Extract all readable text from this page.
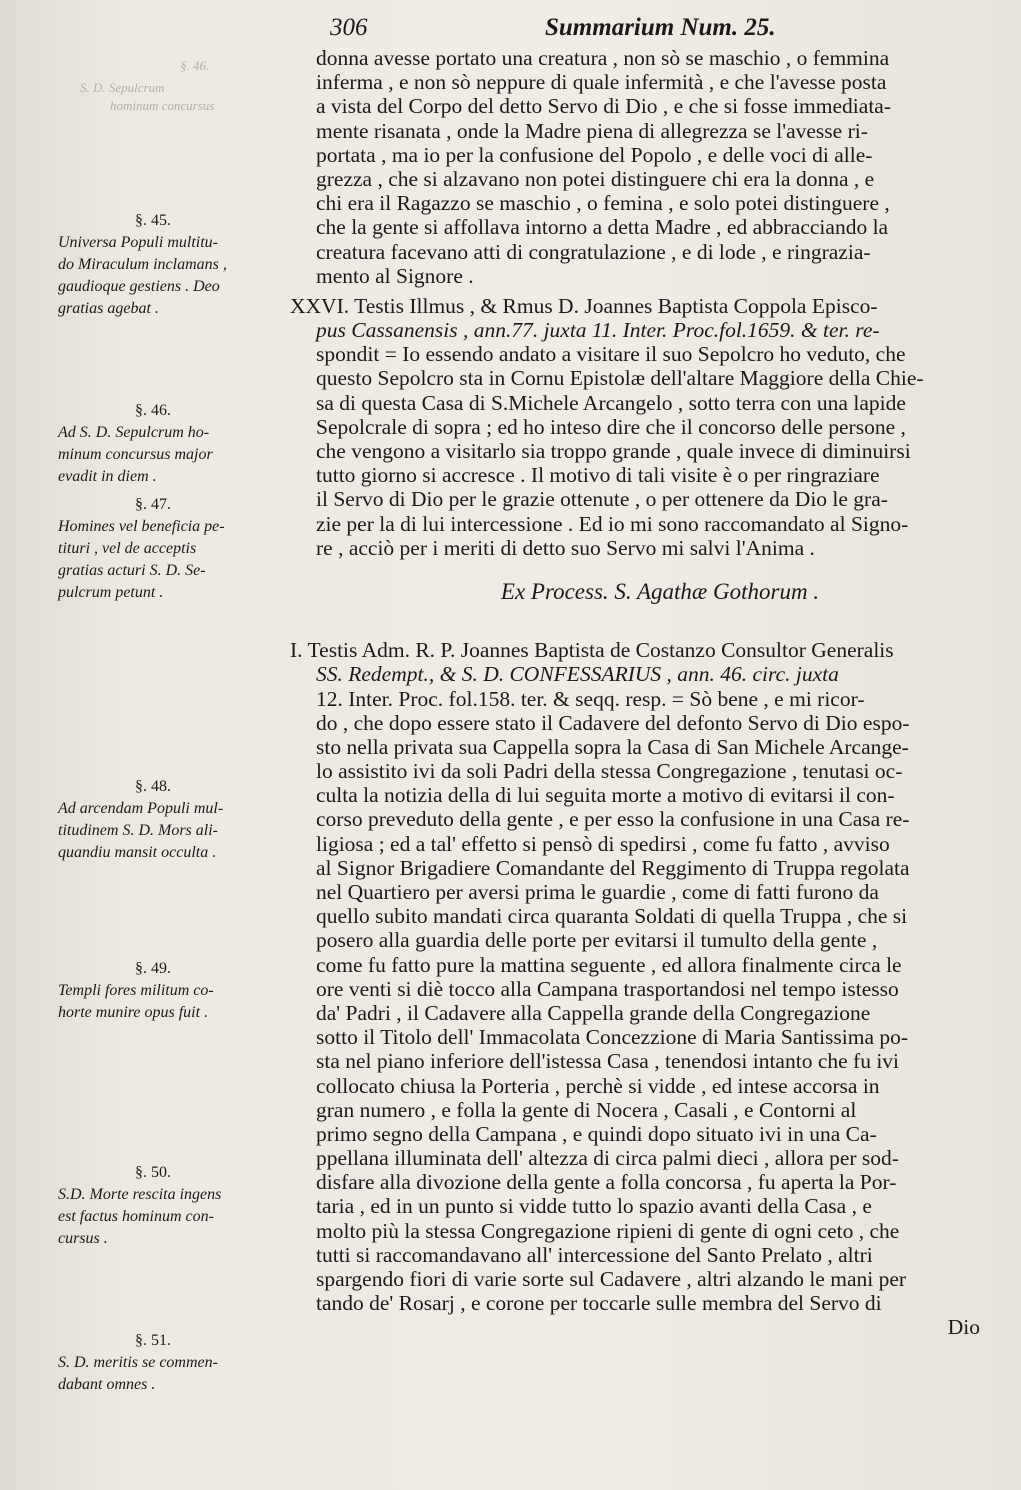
306	Summarium Num. 25.
§. 46.
S. D. Sepulcrum
hominum concursus
§. 45.
Universa Populi multitu-
do Miraculum inclamans ,
gaudioque gestiens . Deo
gratias agebat .
§. 46.
Ad S. D. Sepulcrum ho-
minum concursus major
evadit in diem .
§. 47.
Homines vel beneficia pe-
tituri , vel de acceptis
gratias acturi S. D. Se-
pulcrum petunt .
§. 48.
Ad arcendam Populi mul-
titudinem S. D. Mors ali-
quandiu mansit occulta .
§. 49.
Templi fores militum co-
horte munire opus fuit .
§. 50.
S.D. Morte rescita ingens
est factus hominum con-
cursus .
§. 51.
S. D. meritis se commen-
dabant omnes .
donna avesse portato una creatura , non sò se maschio , o femmina
inferma , e non sò neppure di quale infermità , e che l'avesse posta
a vista del Corpo del detto Servo di Dio , e che si fosse immediata-
mente risanata , onde la Madre piena di allegrezza se l'avesse ri-
portata , ma io per la confusione del Popolo , e delle voci di alle-
grezza , che si alzavano non potei distinguere chi era la donna , e
chi era il Ragazzo se maschio , o femina , e solo potei distinguere ,
che la gente si affollava intorno a detta Madre , ed abbracciando la
creatura facevano atti di congratulazione , e di lode , e ringrazia-
mento al Signore .
XXVI. Testis Illmus , & Rmus D. Joannes Baptista Coppola Episco-
pus Cassanensis , ann.77. juxta 11. Inter. Proc.fol.1659. & ter. re-
spondit = Io essendo andato a visitare il suo Sepolcro ho veduto, che
questo Sepolcro sta in Cornu Epistolæ dell'altare Maggiore della Chie-
sa di questa Casa di S.Michele Arcangelo , sotto terra con una lapide
Sepolcrale di sopra ; ed ho inteso dire che il concorso delle persone ,
che vengono a visitarlo sia troppo grande , quale invece di diminuirsi
tutto giorno si accresce . Il motivo di tali visite è o per ringraziare
il Servo di Dio per le grazie ottenute , o per ottenere da Dio le gra-
zie per la di lui intercessione . Ed io mi sono raccomandato al Signo-
re , acciò per i meriti di detto suo Servo mi salvi l'Anima .
Ex Process. S. Agathæ Gothorum .
I. Testis Adm. R. P. Joannes Baptista de Costanzo Consultor Generalis
SS. Redempt., & S. D. CONFESSARIUS , ann. 46. circ. juxta
12. Inter. Proc. fol.158. ter. & seqq. resp. = Sò bene , e mi ricor-
do , che dopo essere stato il Cadavere del defonto Servo di Dio espo-
sto nella privata sua Cappella sopra la Casa di San Michele Arcange-
lo assistito ivi da soli Padri della stessa Congregazione , tenutasi oc-
culta la notizia della di lui seguita morte a motivo di evitarsi il con-
corso preveduto della gente , e per esso la confusione in una Casa re-
ligiosa ; ed a tal' effetto si pensò di spedirsi , come fu fatto , avviso
al Signor Brigadiere Comandante del Reggimento di Truppa regolata
nel Quartiero per aversi prima le guardie , come di fatti furono da
quello subito mandati circa quaranta Soldati di quella Truppa , che si
posero alla guardia delle porte per evitarsi il tumulto della gente ,
come fu fatto pure la mattina seguente , ed allora finalmente circa le
ore venti si diè tocco alla Campana trasportandosi nel tempo istesso
da' Padri , il Cadavere alla Cappella grande della Congregazione
sotto il Titolo dell' Immacolata Concezzione di Maria Santissima po-
sta nel piano inferiore dell'istessa Casa , tenendosi intanto che fu ivi
collocato chiusa la Porteria , perchè si vidde , ed intese accorsa in
gran numero , e folla la gente di Nocera , Casali , e Contorni al
primo segno della Campana , e quindi dopo situato ivi in una Ca-
ppellana illuminata dell' altezza di circa palmi dieci , allora per sod-
disfare alla divozione della gente a folla concorsa , fu aperta la Por-
taria , ed in un punto si vidde tutto lo spazio avanti della Casa , e
molto più la stessa Congregazione ripieni di gente di ogni ceto , che
tutti si raccomandavano all' intercessione del Santo Prelato , altri
spargendo fiori di varie sorte sul Cadavere , altri alzando le mani per
tando de' Rosarj , e corone per toccarle sulle membra del Servo di
Dio
